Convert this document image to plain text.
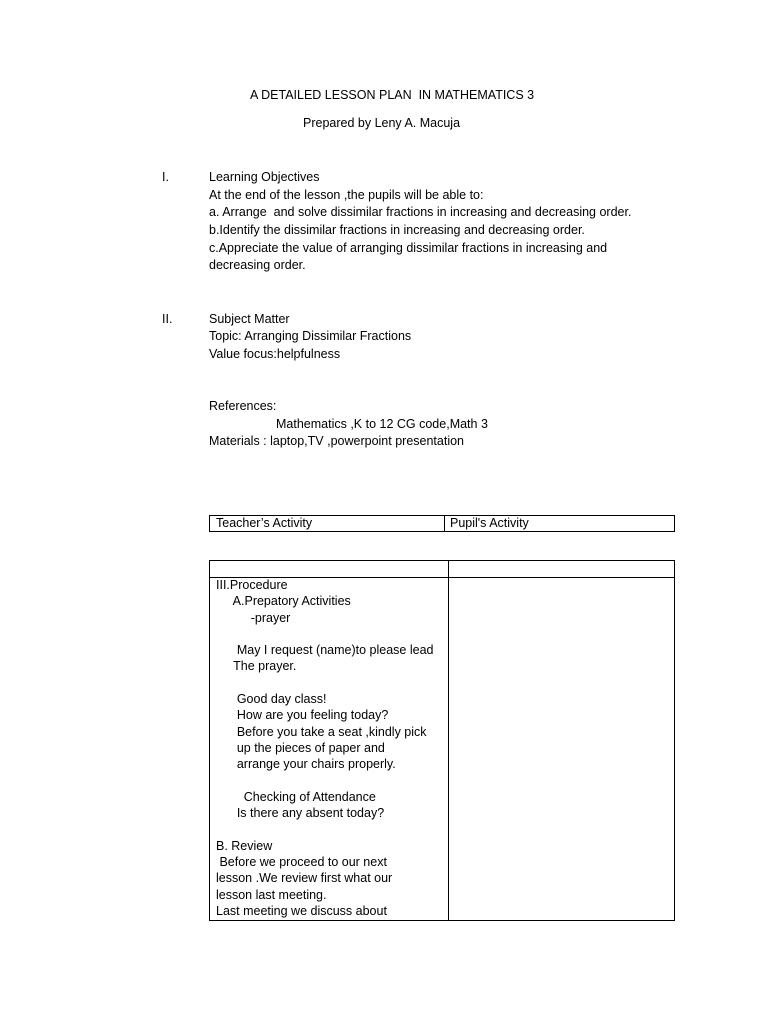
A DETAILED LESSON PLAN  IN MATHEMATICS 3
Prepared by Leny A. Macuja
I.	Learning Objectives
At the end of the lesson ,the pupils will be able to:
a. Arrange  and solve dissimilar fractions in increasing and decreasing order.
b.Identify the dissimilar fractions in increasing and decreasing order.
c.Appreciate the value of arranging dissimilar fractions in increasing and
decreasing order.
II.	Subject Matter
Topic: Arranging Dissimilar Fractions
Value focus:helpfulness
References:
Mathematics ,K to 12 CG code,Math 3
Materials : laptop,TV ,powerpoint presentation
Teacher’s Activity	Pupil's Activity
III.Procedure
A.Prepatory Activities
-prayer
May I request (name)to please lead
The prayer.
Good day class!
How are you feeling today?
Before you take a seat ,kindly pick
up the pieces of paper and
arrange your chairs properly.
Checking of Attendance
Is there any absent today?
B. Review
Before we proceed to our next
lesson .We review first what our
lesson last meeting.
Last meeting we discuss about
